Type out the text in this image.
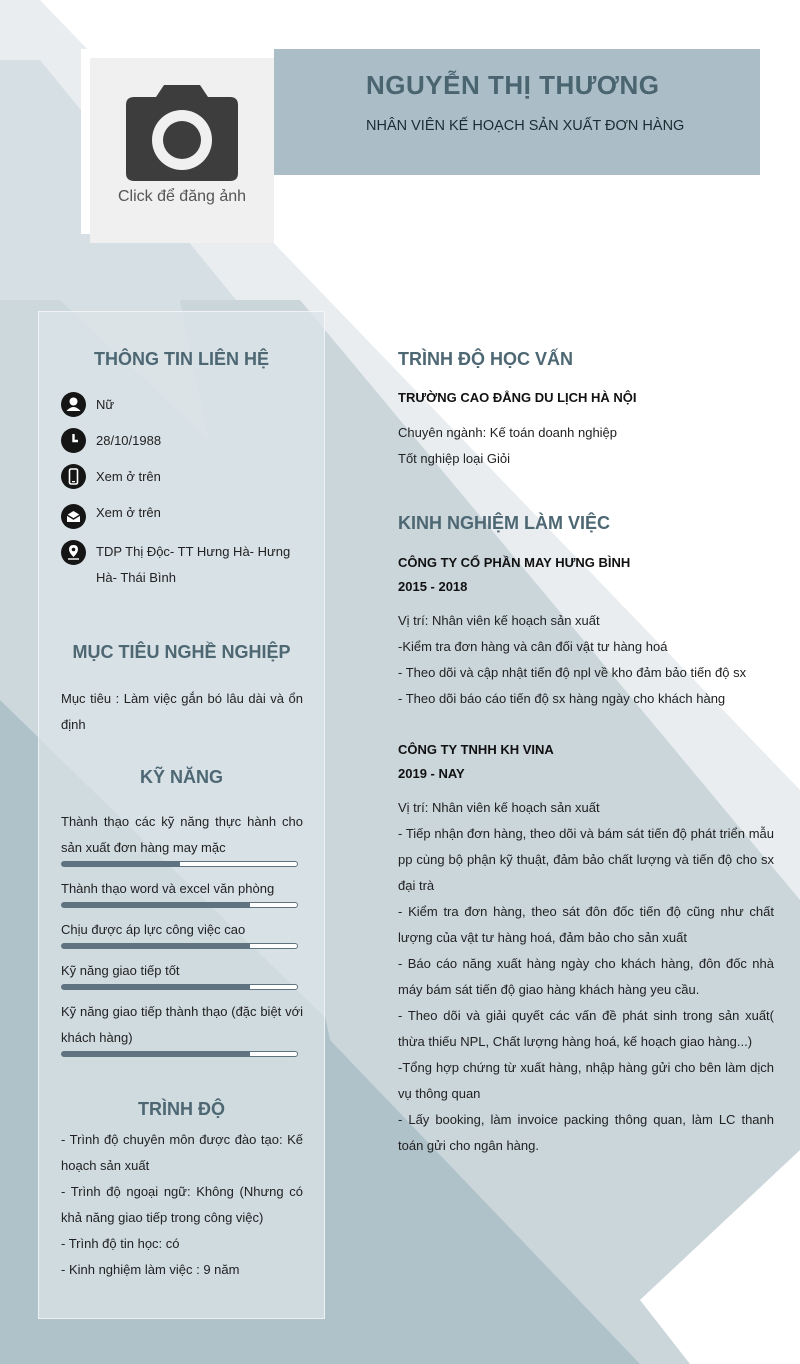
NGUYỄN THỊ THƯƠNG
NHÂN VIÊN KẾ HOẠCH SẢN XUẤT ĐƠN HÀNG
Click để đăng ảnh
THÔNG TIN LIÊN HỆ
Nữ
28/10/1988
Xem ở trên
Xem ở trên
TDP Thị Độc- TT Hưng Hà- Hưng Hà- Thái Bình
MỤC TIÊU NGHỀ NGHIỆP
Mục tiêu : Làm việc gắn bó lâu dài và ổn định
KỸ NĂNG
Thành thạo các kỹ năng thực hành cho sản xuất đơn hàng may mặc
Thành thạo word và excel văn phòng
Chịu được áp lực công việc cao
Kỹ năng giao tiếp tốt
Kỹ năng giao tiếp thành thạo (đặc biệt với khách hàng)
TRÌNH ĐỘ
- Trình độ chuyên môn được đào tạo: Kế hoạch sản xuất
- Trình độ ngoại ngữ: Không (Nhưng có khả năng giao tiếp trong công việc)
- Trình độ tin học: có
- Kinh nghiệm làm việc : 9 năm
TRÌNH ĐỘ HỌC VẤN
TRƯỜNG CAO ĐẲNG DU LỊCH HÀ NỘI
Chuyên ngành: Kế toán doanh nghiệp
Tốt nghiệp loại Giỏi
KINH NGHIỆM LÀM VIỆC
CÔNG TY CỔ PHẦN MAY HƯNG BÌNH
2015 - 2018
Vị trí: Nhân viên kế hoạch sản xuất
-Kiểm tra đơn hàng và cân đối vật tư hàng hoá
- Theo dõi và cập nhật tiến độ npl về kho đảm bảo tiến độ sx
- Theo dõi báo cáo tiến độ sx hàng ngày cho khách hàng
CÔNG TY TNHH KH VINA
2019 - NAY
Vị trí: Nhân viên kế hoạch sản xuất
- Tiếp nhận đơn hàng, theo dõi và bám sát tiến độ phát triển mẫu pp cùng bộ phận kỹ thuật, đảm bảo chất lượng và tiến độ cho sx đại trà
- Kiểm tra đơn hàng, theo sát đôn đốc tiến độ cũng như chất lượng của vật tư hàng hoá, đảm bảo cho sản xuất
- Báo cáo năng xuất hàng ngày cho khách hàng, đôn đốc nhà máy bám sát tiến độ giao hàng khách hàng yeu cầu.
- Theo dõi và giải quyết các vấn đề phát sinh trong sản xuất( thừa thiếu NPL, Chất lượng hàng hoá, kế hoạch giao hàng...)
-Tổng hợp chứng từ xuất hàng, nhập hàng gửi cho bên làm dịch vụ thông quan
- Lấy booking, làm invoice packing thông quan, làm LC thanh toán gửi cho ngân hàng.
